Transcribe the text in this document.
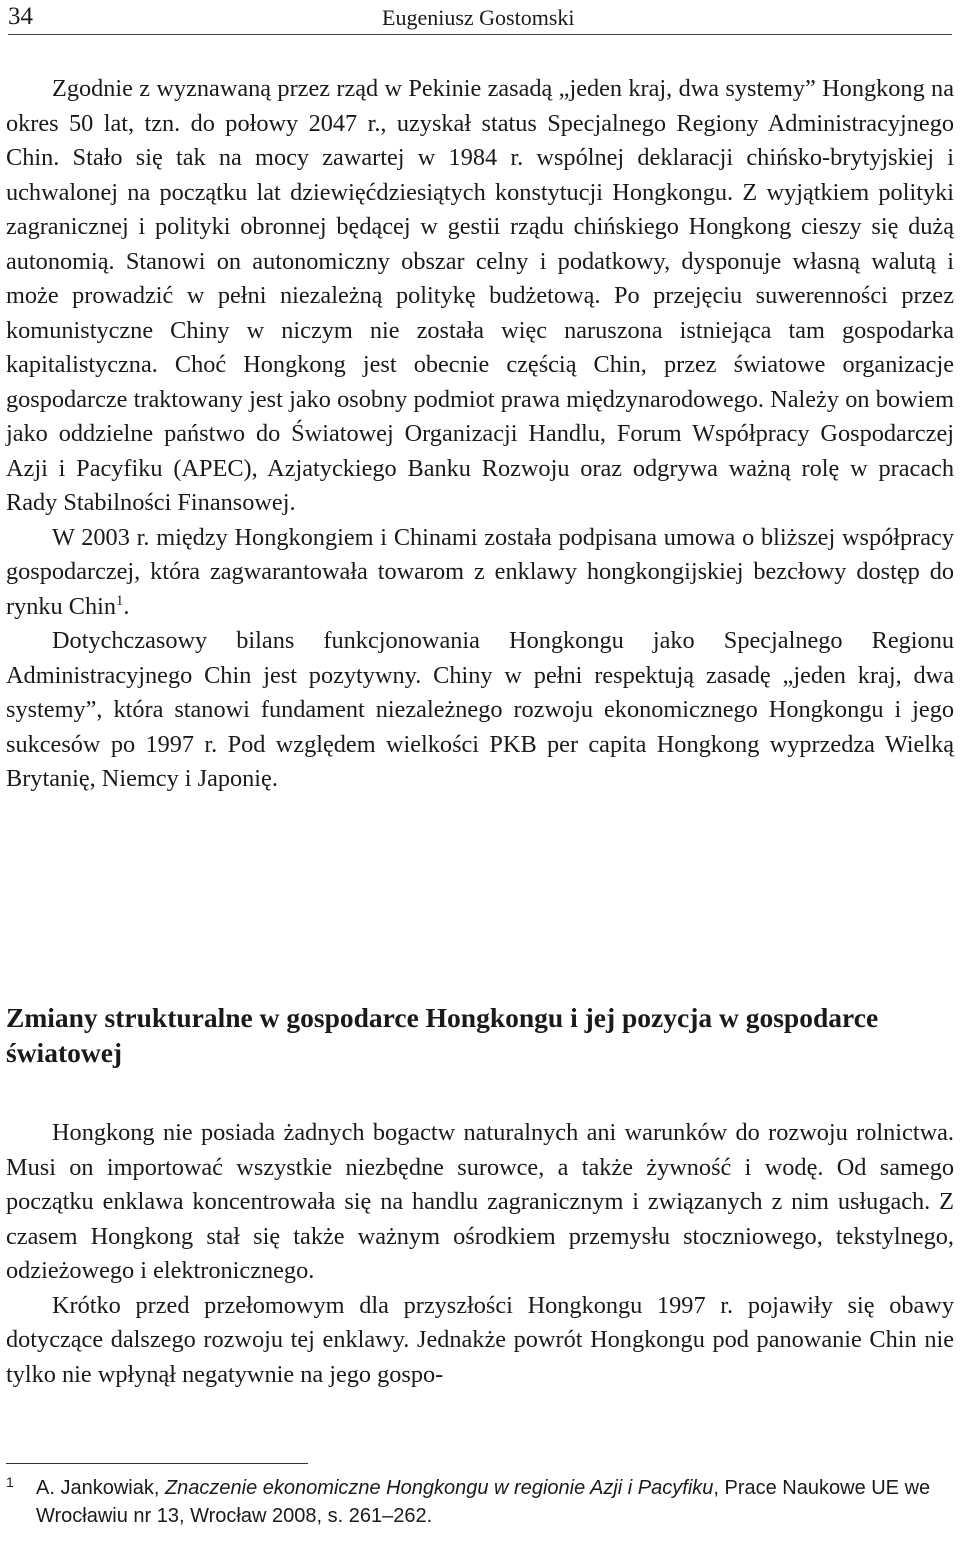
34	Eugeniusz Gostomski

Zgodnie z wyznawaną przez rząd w Pekinie zasadą „jeden kraj, dwa systemy” Hongkong na okres 50 lat, tzn. do połowy 2047 r., uzyskał status Specjalnego Regiony Administracyjnego Chin. Stało się tak na mocy zawartej w 1984 r. wspólnej deklaracji chińsko-brytyjskiej i uchwalonej na początku lat dziewięćdziesiątych konstytucji Hongkongu. Z wyjątkiem polityki zagranicznej i polityki obronnej będącej w gestii rządu chińskiego Hongkong cieszy się dużą autonomią. Stanowi on autonomiczny obszar celny i podatkowy, dysponuje własną walutą i może prowadzić w pełni niezależną politykę budżetową. Po przejęciu suwerenności przez komunistyczne Chiny w niczym nie została więc naruszona istniejąca tam gospodarka kapitalistyczna. Choć Hongkong jest obecnie częścią Chin, przez światowe organizacje gospodarcze traktowany jest jako osobny podmiot prawa międzynarodowego. Należy on bowiem jako oddzielne państwo do Światowej Organizacji Handlu, Forum Współpracy Gospodarczej Azji i Pacyfiku (APEC), Azjatyckiego Banku Rozwoju oraz odgrywa ważną rolę w pracach Rady Stabilności Finansowej.

W 2003 r. między Hongkongiem i Chinami została podpisana umowa o bliższej współpracy gospodarczej, która zagwarantowała towarom z enklawy hongkongijskiej bezcłowy dostęp do rynku Chin$^1$.

Dotychczasowy bilans funkcjonowania Hongkongu jako Specjalnego Regionu Administracyjnego Chin jest pozytywny. Chiny w pełni respektują zasadę „jeden kraj, dwa systemy”, która stanowi fundament niezależnego rozwoju ekonomicznego Hongkongu i jego sukcesów po 1997 r. Pod względem wielkości PKB per capita Hongkong wyprzedza Wielką Brytanię, Niemcy i Japonię.

Zmiany strukturalne w gospodarce Hongkongu i jej pozycja w gospodarce światowej

Hongkong nie posiada żadnych bogactw naturalnych ani warunków do rozwoju rolnictwa. Musi on importować wszystkie niezbędne surowce, a także żywność i wodę. Od samego początku enklawa koncentrowała się na handlu zagranicznym i związanych z nim usługach. Z czasem Hongkong stał się także ważnym ośrodkiem przemysłu stoczniowego, tekstylnego, odzieżowego i elektronicznego.

Krótko przed przełomowym dla przyszłości Hongkongu 1997 r. pojawiły się obawy dotyczące dalszego rozwoju tej enklawy. Jednakże powrót Hongkongu pod panowanie Chin nie tylko nie wpłynął negatywnie na jego gospo-

1 A. Jankowiak, Znaczenie ekonomiczne Hongkongu w regionie Azji i Pacyfiku, Prace Naukowe UE we Wrocławiu nr 13, Wrocław 2008, s. 261–262.
